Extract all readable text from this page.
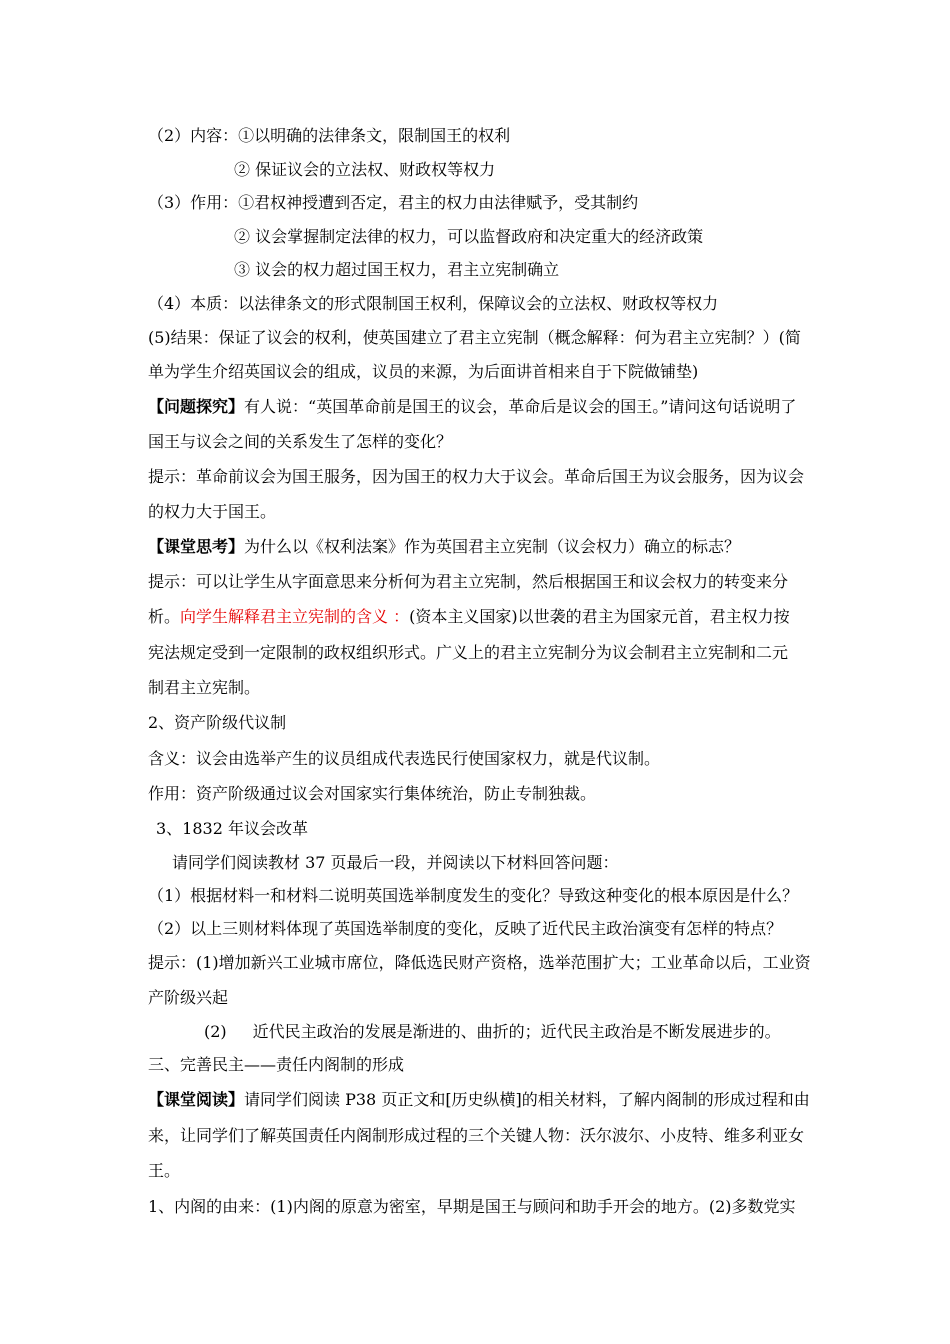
（2）内容：①以明确的法律条文，限制国王的权利
② 保证议会的立法权、财政权等权力
（3）作用：①君权神授遭到否定，君主的权力由法律赋予，受其制约
② 议会掌握制定法律的权力，可以监督政府和决定重大的经济政策
③ 议会的权力超过国王权力，君主立宪制确立
（4）本质：以法律条文的形式限制国王权利，保障议会的立法权、财政权等权力
(5)结果：保证了议会的权利，使英国建立了君主立宪制（概念解释：何为君主立宪制？）(简
单为学生介绍英国议会的组成，议员的来源，为后面讲首相来自于下院做铺垫)
【问题探究】有人说：“英国革命前是国王的议会，革命后是议会的国王。”请问这句话说明了
国王与议会之间的关系发生了怎样的变化？
提示：革命前议会为国王服务，因为国王的权力大于议会。革命后国王为议会服务，因为议会
的权力大于国王。
【课堂思考】为什么以《权利法案》作为英国君主立宪制（议会权力）确立的标志？
提示：可以让学生从字面意思来分析何为君主立宪制，然后根据国王和议会权力的转变来分
析。向学生解释君主立宪制的含义 ：(资本主义国家)以世袭的君主为国家元首，君主权力按
宪法规定受到一定限制的政权组织形式。广义上的君主立宪制分为议会制君主立宪制和二元
制君主立宪制。
2、资产阶级代议制
含义：议会由选举产生的议员组成代表选民行使国家权力，就是代议制。
作用：资产阶级通过议会对国家实行集体统治，防止专制独裁。
3、1832 年议会改革
请同学们阅读教材 37 页最后一段，并阅读以下材料回答问题：
（1）根据材料一和材料二说明英国选举制度发生的变化？导致这种变化的根本原因是什么？
（2）以上三则材料体现了英国选举制度的变化，反映了近代民主政治演变有怎样的特点？
提示：(1)增加新兴工业城市席位，降低选民财产资格，选举范围扩大；工业革命以后，工业资
产阶级兴起
(2) 近代民主政治的发展是渐进的、曲折的；近代民主政治是不断发展进步的。
三、完善民主——责任内阁制的形成
【课堂阅读】请同学们阅读 P38 页正文和[历史纵横]的相关材料，了解内阁制的形成过程和由
来，让同学们了解英国责任内阁制形成过程的三个关键人物：沃尔波尔、小皮特、维多利亚女
王。
1、内阁的由来：(1)内阁的原意为密室，早期是国王与顾问和助手开会的地方。(2)多数党实
